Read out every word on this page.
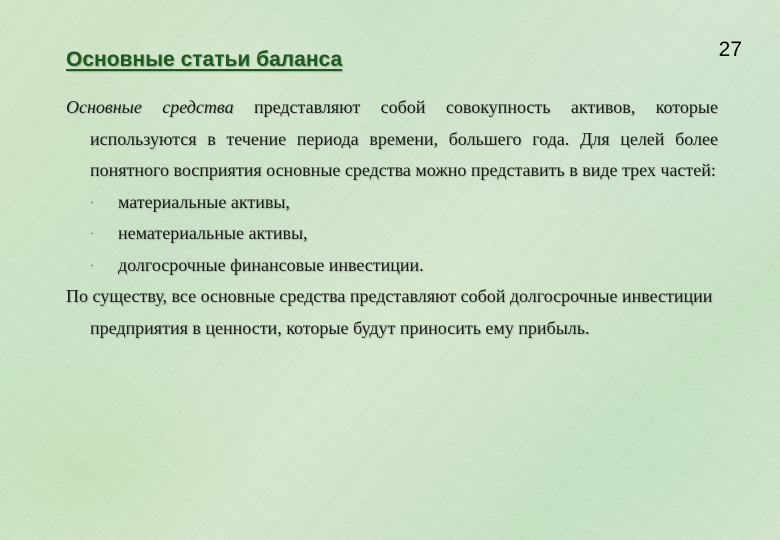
27
Основные статьи баланса

Основные средства представляют собой совокупность активов, которые используются в течение периода времени, большего года. Для целей более понятного восприятия основные средства можно представить в виде трех частей:

· материальные активы,
· нематериальные активы,
· долгосрочные финансовые инвестиции.

По существу, все основные средства представляют собой долгосрочные инвестиции предприятия в ценности, которые будут приносить ему прибыль.
